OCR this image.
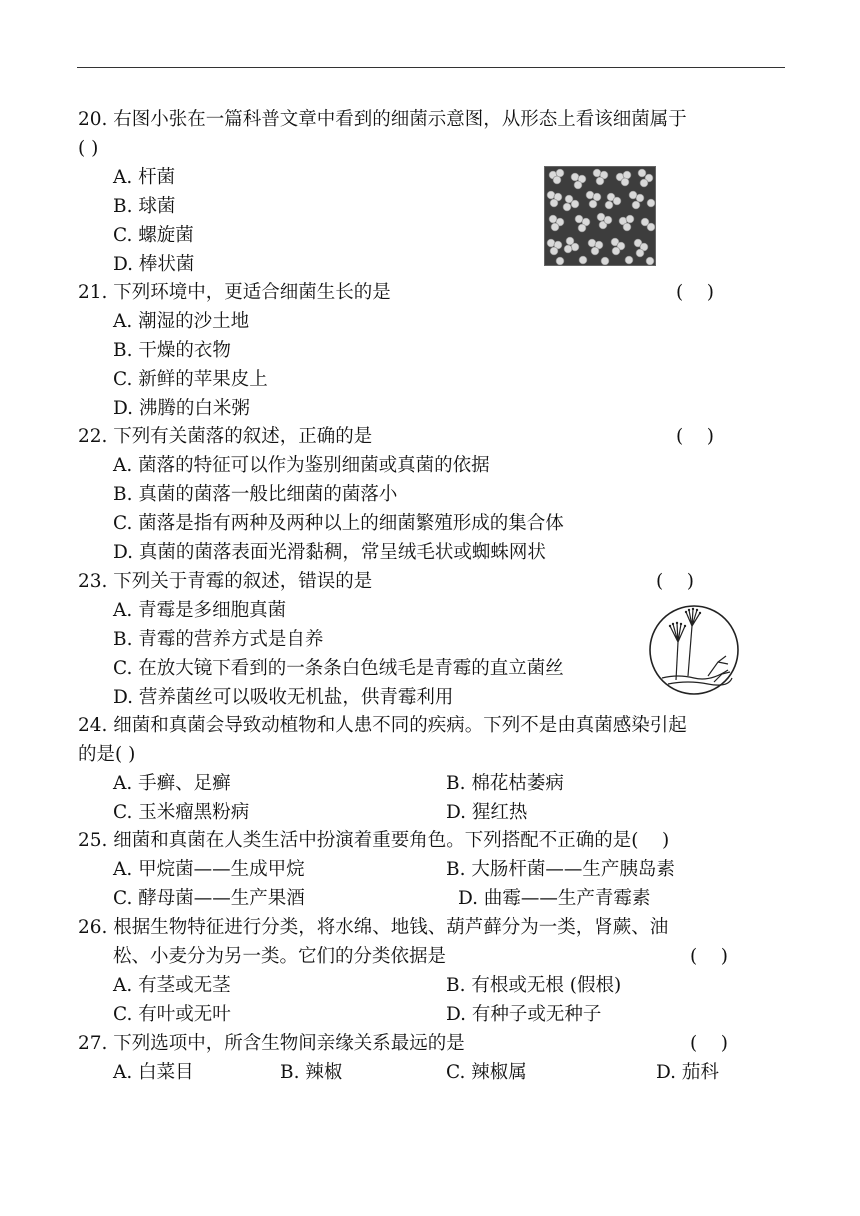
20. 右图小张在一篇科普文章中看到的细菌示意图，从形态上看该细菌属于
( )
A. 杆菌
B. 球菌
C. 螺旋菌
D. 棒状菌
21. 下列环境中，更适合细菌生长的是	(    )
A. 潮湿的沙土地
B. 干燥的衣物
C. 新鲜的苹果皮上
D. 沸腾的白米粥
22. 下列有关菌落的叙述，正确的是	(    )
A. 菌落的特征可以作为鉴别细菌或真菌的依据
B. 真菌的菌落一般比细菌的菌落小
C. 菌落是指有两种及两种以上的细菌繁殖形成的集合体
D. 真菌的菌落表面光滑黏稠，常呈绒毛状或蜘蛛网状
23. 下列关于青霉的叙述，错误的是	(    )
A. 青霉是多细胞真菌
B. 青霉的营养方式是自养
C. 在放大镜下看到的一条条白色绒毛是青霉的直立菌丝
D. 营养菌丝可以吸收无机盐，供青霉利用
24. 细菌和真菌会导致动植物和人患不同的疾病。下列不是由真菌感染引起
的是( )
A. 手癣、足癣	B. 棉花枯萎病
C. 玉米瘤黑粉病	D. 猩红热
25. 细菌和真菌在人类生活中扮演着重要角色。下列搭配不正确的是(    )
A. 甲烷菌——生成甲烷	B. 大肠杆菌——生产胰岛素
C. 酵母菌——生产果酒	D. 曲霉——生产青霉素
26. 根据生物特征进行分类，将水绵、地钱、葫芦藓分为一类，肾蕨、油
松、小麦分为另一类。它们的分类依据是	(    )
A. 有茎或无茎	B. 有根或无根 (假根)
C. 有叶或无叶	D. 有种子或无种子
27. 下列选项中，所含生物间亲缘关系最远的是	(    )
A. 白菜目	B. 辣椒	C. 辣椒属	D. 茄科
